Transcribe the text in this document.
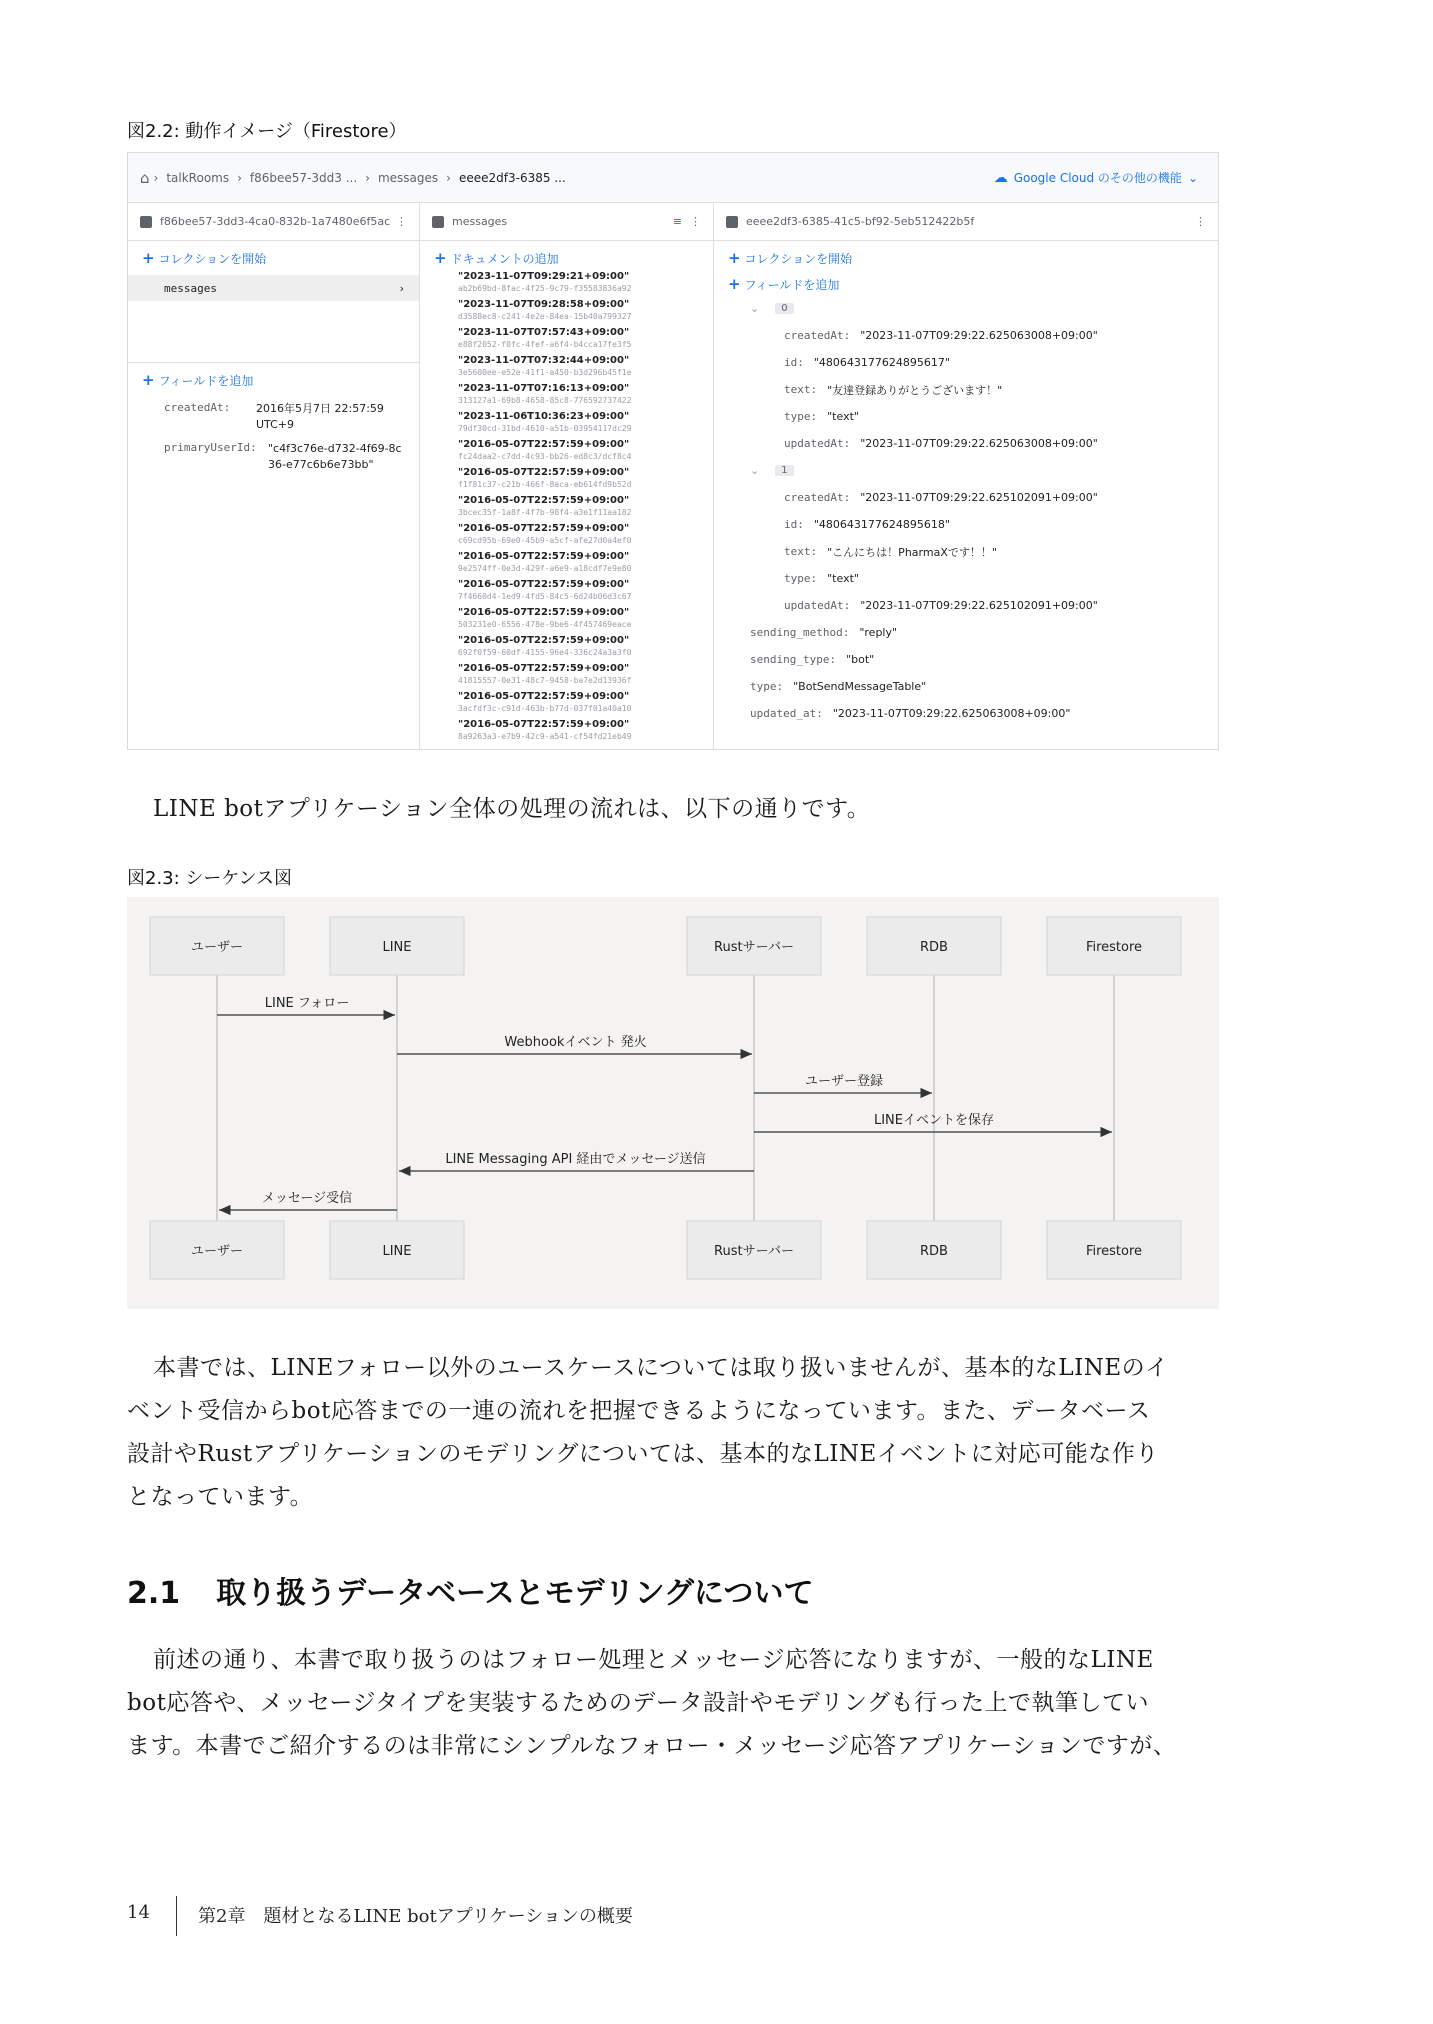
図2.2: 動作イメージ（Firestore）
⌂ › talkRooms › f86bee57-3dd3 ... › messages › eeee2df3-6385 ...	☁ Google Cloud のその他の機能 ⌄
f86bee57-3dd3-4ca0-832b-1a7480e6f5ac ⋮
+ コレクションを開始
messages	›
+ フィールドを追加
createdAt:	2016年5月7日 22:57:59 UTC+9
primaryUserId:	"c4f3c76e-d732-4f69-8c36-e77c6b6e73bb"
messages	≡ ⋮
+ ドキュメントの追加
"2023-11-07T09:29:21+09:00"
ab2b69bd-8fac-4f25-9c79-f35583836a92
"2023-11-07T09:28:58+09:00"
d3588ec8-c241-4e2e-84ea-15b40a799327
"2023-11-07T07:57:43+09:00"
e88f2052-f0fc-4fef-a6f4-b4cca17fe3f5
"2023-11-07T07:32:44+09:00"
3e5600ee-e52e-41f1-a450-b3d296b45f1e
"2023-11-07T07:16:13+09:00"
313127a1-69b8-4658-85c8-776592737422
"2023-11-06T10:36:23+09:00"
79df30cd-31bd-4610-a51b-03954117dc29
"2016-05-07T22:57:59+09:00"
fc24daa2-c7dd-4c93-bb26-ed8c3/dcf8c4
"2016-05-07T22:57:59+09:00"
f1f81c37-c21b-466f-8aca-eb614fd9b52d
"2016-05-07T22:57:59+09:00"
3bcec35f-1a8f-4f7b-98f4-a3e1f11aa182
"2016-05-07T22:57:59+09:00"
c69cd95b-69e0-45b9-a5cf-afe27d0a4ef0
"2016-05-07T22:57:59+09:00"
9e2574ff-0e3d-429f-a6e9-a18cdf7e9e80
"2016-05-07T22:57:59+09:00"
7f4660d4-1ed9-4fd5-84c5-6d24b06d3c67
"2016-05-07T22:57:59+09:00"
503231e0-6556-478e-9be6-4f457469eace
"2016-05-07T22:57:59+09:00"
692f0f59-60df-4155-96e4-336c24a3a3f0
"2016-05-07T22:57:59+09:00"
41815557-0e31-48c7-9458-ba7e2d13936f
"2016-05-07T22:57:59+09:00"
3acfdf3c-c91d-463b-b77d-037f01a40a10
"2016-05-07T22:57:59+09:00"
8a9263a3-e7b9-42c9-a541-cf54fd21eb49
eeee2df3-6385-41c5-bf92-5eb512422b5f	⋮
+ コレクションを開始
+ フィールドを追加
⌄	0
createdAt: "2023-11-07T09:29:22.625063008+09:00"
id: "480643177624895617"
text: "友達登録ありがとうございます！"
type: "text"
updatedAt: "2023-11-07T09:29:22.625063008+09:00"
⌄	1
createdAt: "2023-11-07T09:29:22.625102091+09:00"
id: "480643177624895618"
text: "こんにちは！PharmaXです！！"
type: "text"
updatedAt: "2023-11-07T09:29:22.625102091+09:00"
sending_method: "reply"
sending_type: "bot"
type: "BotSendMessageTable"
updated_at: "2023-11-07T09:29:22.625063008+09:00"
LINE botアプリケーション全体の処理の流れは、以下の通りです。
図2.3: シーケンス図
ユーザー	LINE	Rustサーバー	RDB	Firestore
ユーザー	LINE	Rustサーバー	RDB	Firestore
LINE フォロー
Webhookイベント 発火
ユーザー登録
LINEイベントを保存
LINE Messaging API 経由でメッセージ送信
メッセージ受信
本書では、LINEフォロー以外のユースケースについては取り扱いませんが、基本的なLINEのイ
ベント受信からbot応答までの一連の流れを把握できるようになっています。また、データベース
設計やRustアプリケーションのモデリングについては、基本的なLINEイベントに対応可能な作り
となっています。
2.1 取り扱うデータベースとモデリングについて
前述の通り、本書で取り扱うのはフォロー処理とメッセージ応答になりますが、一般的なLINE
bot応答や、メッセージタイプを実装するためのデータ設計やモデリングも行った上で執筆してい
ます。本書でご紹介するのは非常にシンプルなフォロー・メッセージ応答アプリケーションですが、
14	第2章　題材となるLINE botアプリケーションの概要
